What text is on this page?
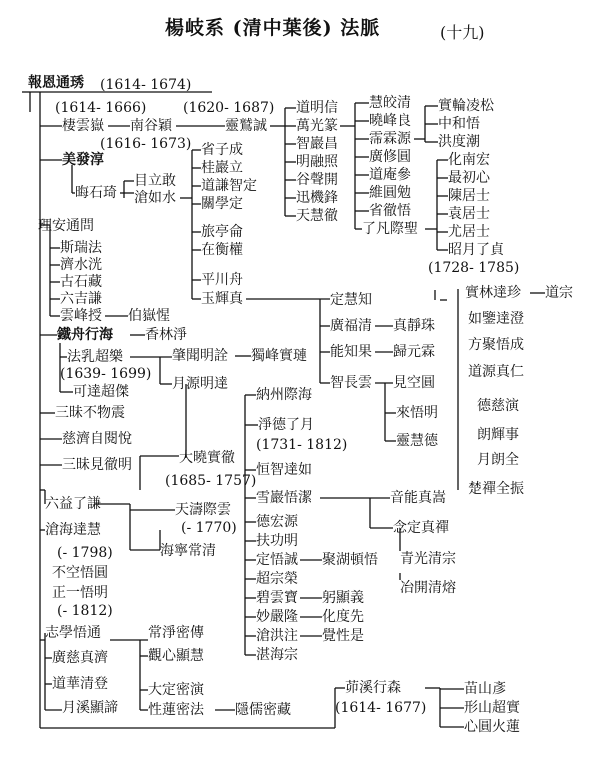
楊岐系 (清中葉後) 法脈	(十九)
報恩通琇 (1614- 1674)
(1614- 1666)	(1620- 1687)
棲雲嶽 南谷穎	靈鷲誠
(1616- 1673)
美發淳
晦石琦
目立敢
滄如水
省子成
桂巖立
道謙智定
關學定
旅亭侖
在衡權
平川舟
玉輝真
理安通問
斯瑞法
濟水洸
古石藏
六吉謙
雲峰授 伯嶽惺
鐵舟行海 香林淨
法乳超樂
(1639- 1699)
可達超傑
肇聞明詮 獨峰實璉
月源明達
三昧不物震
慈濟自閱悅
三昧見徹明	大曉實徹
(1685- 1757)
天濤際雲
(- 1770)
海寧常清
六益了謙
滄海達慧
(- 1798)
不空悟圓
正一悟明
(- 1812)
志學悟通	常淨密傳
廣慈真濟	觀心顯慧
道華清登	大定密演
月溪顯諦 性蓮密法 隱儒密藏
道明信
萬光篆
智巖昌
明融照
谷聲開
迅機鋒
天慧徹
慧皎清
曉峰良
霈霖源
廣修圓
道庵參
維圓勉
省徹悟
了凡際聖
實輪凌松
中和悟
洪度潮
化南宏
最初心
陳居士
袁居士
尤居士
昭月了貞
(1728- 1785)
實林達珍 道宗
如鑒達澄
方聚悟成
道源真仁
德慈演
朗輝事
月朗全
楚禪全振
定慧知
廣福清 真靜珠
能知果 歸元霖
智長雲 見空圓
來悟明
靈慧德
納州際海
淨德了月
(1731- 1812)
恒智達如
雪巖悟潔	音能真嵩
念定真禪
青光清宗
冶開清熔
德宏源
扶功明
定悟誠 聚湖頓悟
超宗榮
碧雲寶 躬顯義
妙嚴隆 化度先
滄洪注 覺性是
湛海宗
茆溪行森
(1614- 1677)
苗山彥
形山超實
心圓火蓮
